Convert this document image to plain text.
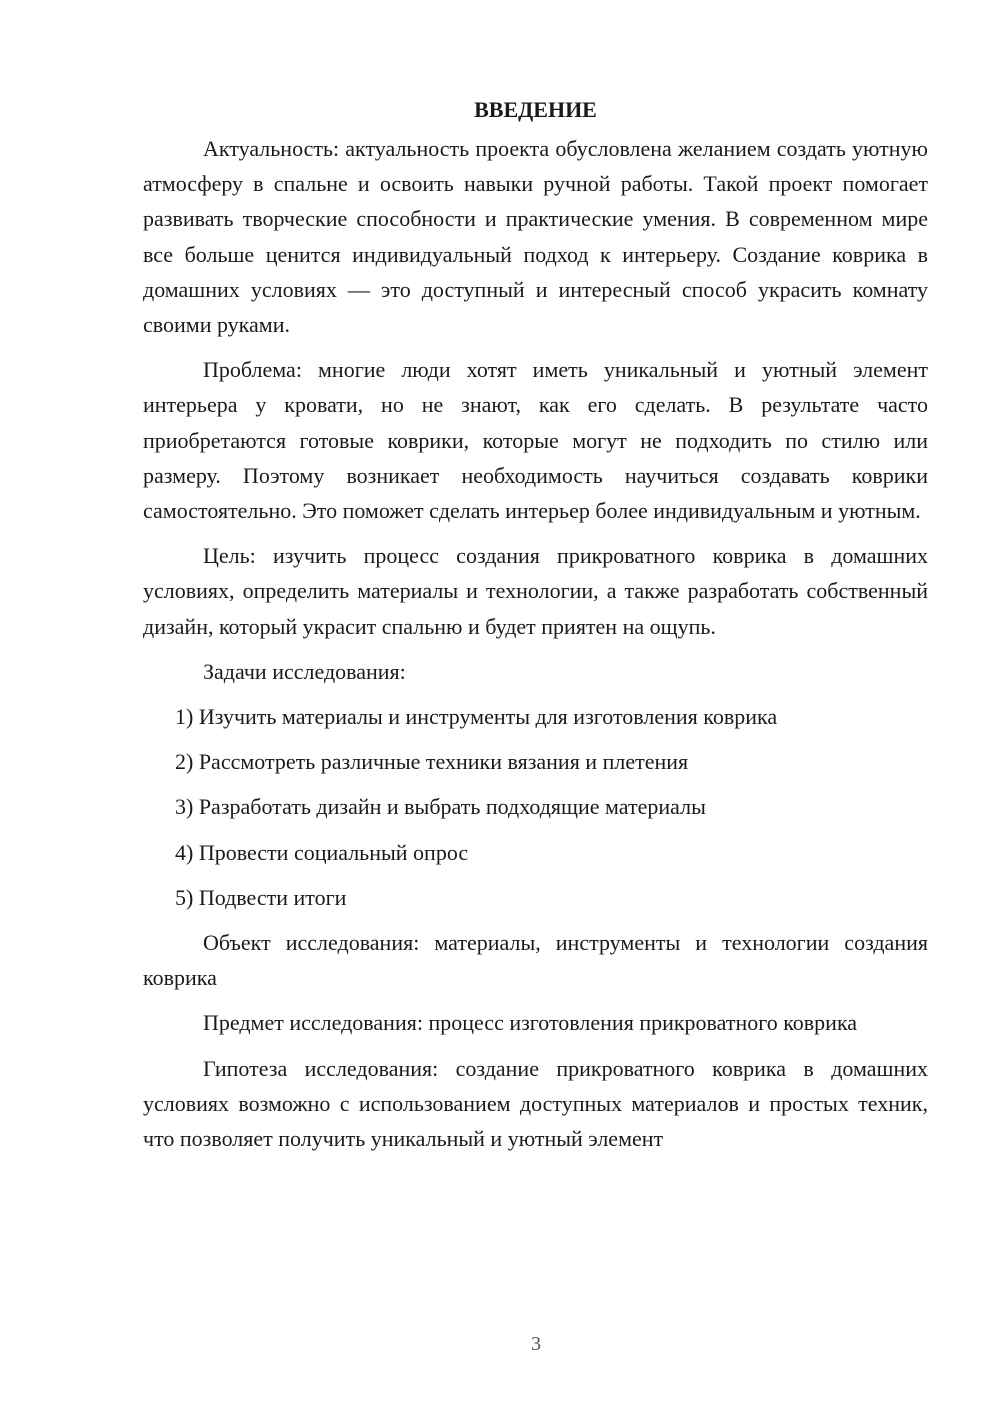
ВВЕДЕНИЕ

Актуальность: актуальность проекта обусловлена желанием создать уютную атмосферу в спальне и освоить навыки ручной работы. Такой проект помогает развивать творческие способности и практические умения. В современном мире все больше ценится индивидуальный подход к интерьеру. Создание коврика в домашних условиях — это доступный и интересный способ украсить комнату своими руками.

Проблема: многие люди хотят иметь уникальный и уютный элемент интерьера у кровати, но не знают, как его сделать. В результате часто приобретаются готовые коврики, которые могут не подходить по стилю или размеру. Поэтому возникает необходимость научиться создавать коврики самостоятельно. Это поможет сделать интерьер более индивидуальным и уютным.

Цель: изучить процесс создания прикроватного коврика в домашних условиях, определить материалы и технологии, а также разработать собственный дизайн, который украсит спальню и будет приятен на ощупь.

Задачи исследования:

1) Изучить материалы и инструменты для изготовления коврика
2) Рассмотреть различные техники вязания и плетения
3) Разработать дизайн и выбрать подходящие материалы
4) Провести социальный опрос
5) Подвести итоги

Объект исследования: материалы, инструменты и технологии создания коврика

Предмет исследования: процесс изготовления прикроватного коврика

Гипотеза исследования: создание прикроватного коврика в домашних условиях возможно с использованием доступных материалов и простых техник, что позволяет получить уникальный и уютный элемент

3
